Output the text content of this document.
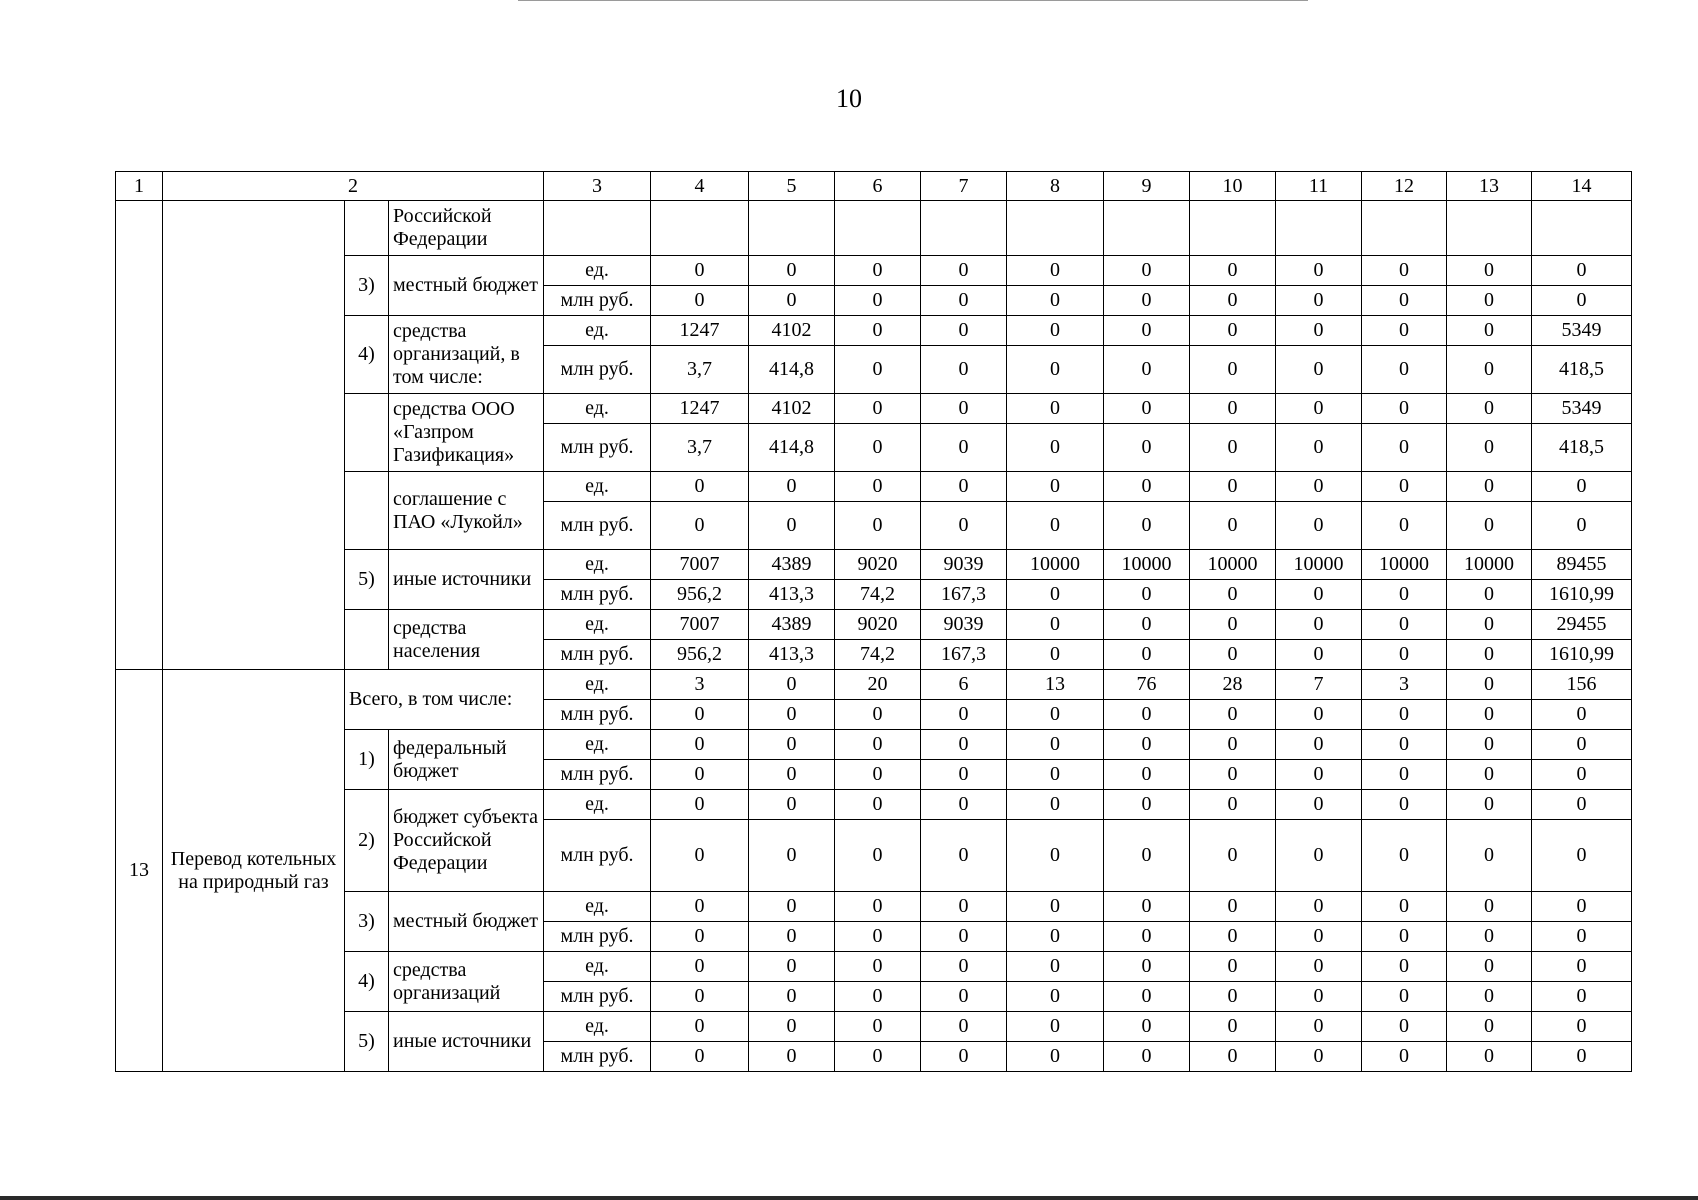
10
1	2			3	4	5	6	7	8	9	10	11	12	13	14
			Российской Федерации												
		3)	местный бюджет	ед.	0	0	0	0	0	0	0	0	0	0	0
				млн руб.	0	0	0	0	0	0	0	0	0	0	0
		4)	средства организаций, в том числе:	ед.	1247	4102	0	0	0	0	0	0	0	0	5349
				млн руб.	3,7	414,8	0	0	0	0	0	0	0	0	418,5
			средства ООО «Газпром Газификация»	ед.	1247	4102	0	0	0	0	0	0	0	0	5349
				млн руб.	3,7	414,8	0	0	0	0	0	0	0	0	418,5
			соглашение с ПАО «Лукойл»	ед.	0	0	0	0	0	0	0	0	0	0	0
				млн руб.	0	0	0	0	0	0	0	0	0	0	0
		5)	иные источники	ед.	7007	4389	9020	9039	10000	10000	10000	10000	10000	10000	89455
				млн руб.	956,2	413,3	74,2	167,3	0	0	0	0	0	0	1610,99
			средства населения	ед.	7007	4389	9020	9039	0	0	0	0	0	0	29455
				млн руб.	956,2	413,3	74,2	167,3	0	0	0	0	0	0	1610,99
13	Перевод котельных на природный газ	Всего, в том числе:		ед.	3	0	20	6	13	76	28	7	3	0	156
				млн руб.	0	0	0	0	0	0	0	0	0	0	0
		1)	федеральный бюджет	ед.	0	0	0	0	0	0	0	0	0	0	0
				млн руб.	0	0	0	0	0	0	0	0	0	0	0
		2)	бюджет субъекта Российской Федерации	ед.	0	0	0	0	0	0	0	0	0	0	0
				млн руб.	0	0	0	0	0	0	0	0	0	0	0
		3)	местный бюджет	ед.	0	0	0	0	0	0	0	0	0	0	0
				млн руб.	0	0	0	0	0	0	0	0	0	0	0
		4)	средства организаций	ед.	0	0	0	0	0	0	0	0	0	0	0
				млн руб.	0	0	0	0	0	0	0	0	0	0	0
		5)	иные источники	ед.	0	0	0	0	0	0	0	0	0	0	0
				млн руб.	0	0	0	0	0	0	0	0	0	0	0
